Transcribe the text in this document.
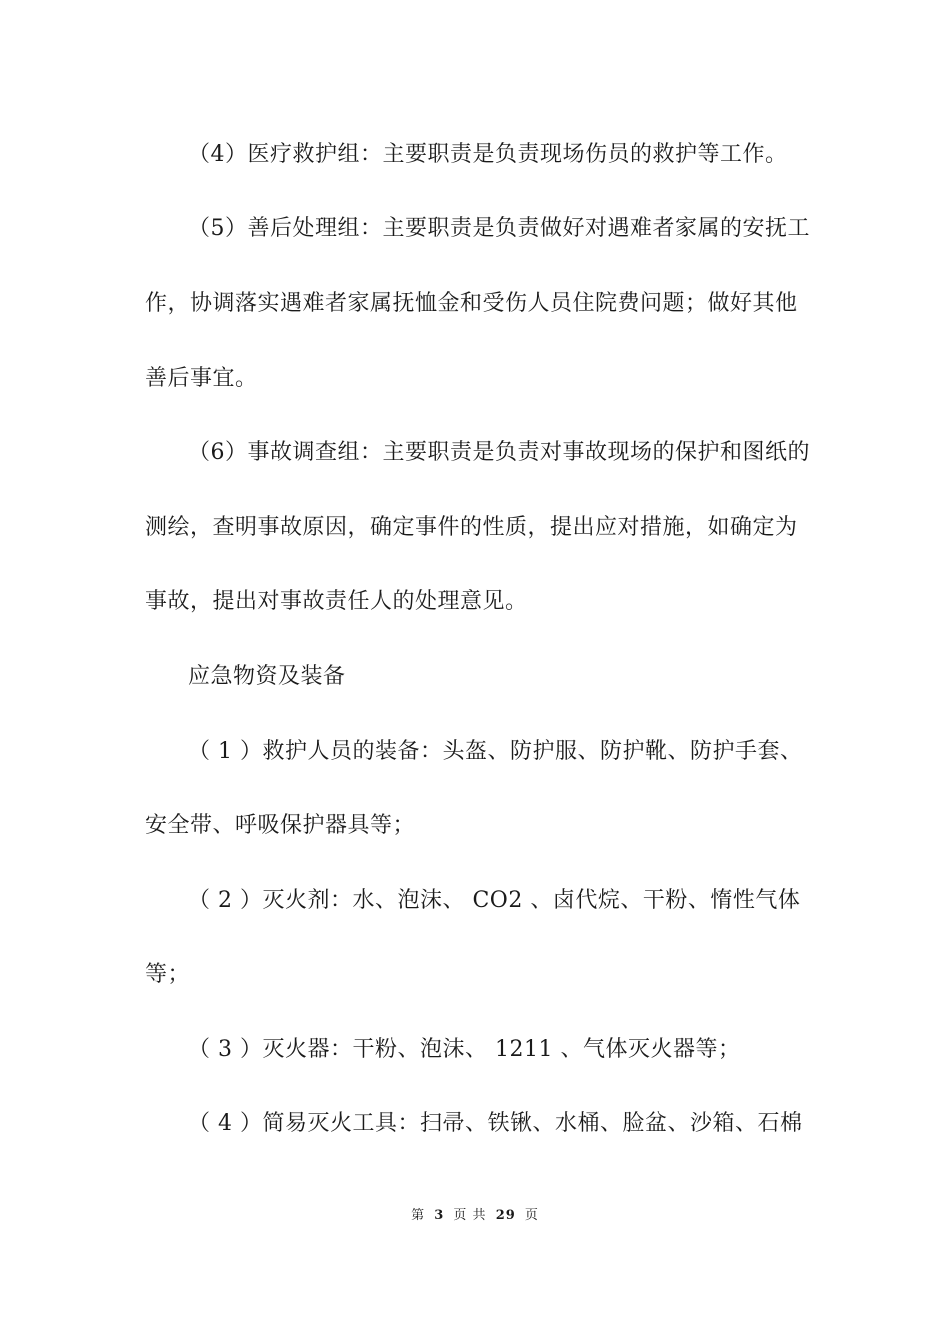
（4）医疗救护组：主要职责是负责现场伤员的救护等工作。
（5）善后处理组：主要职责是负责做好对遇难者家属的安抚工
作，协调落实遇难者家属抚恤金和受伤人员住院费问题；做好其他
善后事宜。
（6）事故调查组：主要职责是负责对事故现场的保护和图纸的
测绘，查明事故原因，确定事件的性质，提出应对措施，如确定为
事故，提出对事故责任人的处理意见。
应急物资及装备
（ 1 ）救护人员的装备：头盔、防护服、防护靴、防护手套、
安全带、呼吸保护器具等；
（ 2 ）灭火剂：水、泡沫、 CO2 、卤代烷、干粉、惰性气体
等；
（ 3 ）灭火器：干粉、泡沫、 1211 、气体灭火器等；
（ 4 ）简易灭火工具：扫帚、铁锹、水桶、脸盆、沙箱、石棉
第 3 页 共 29 页
